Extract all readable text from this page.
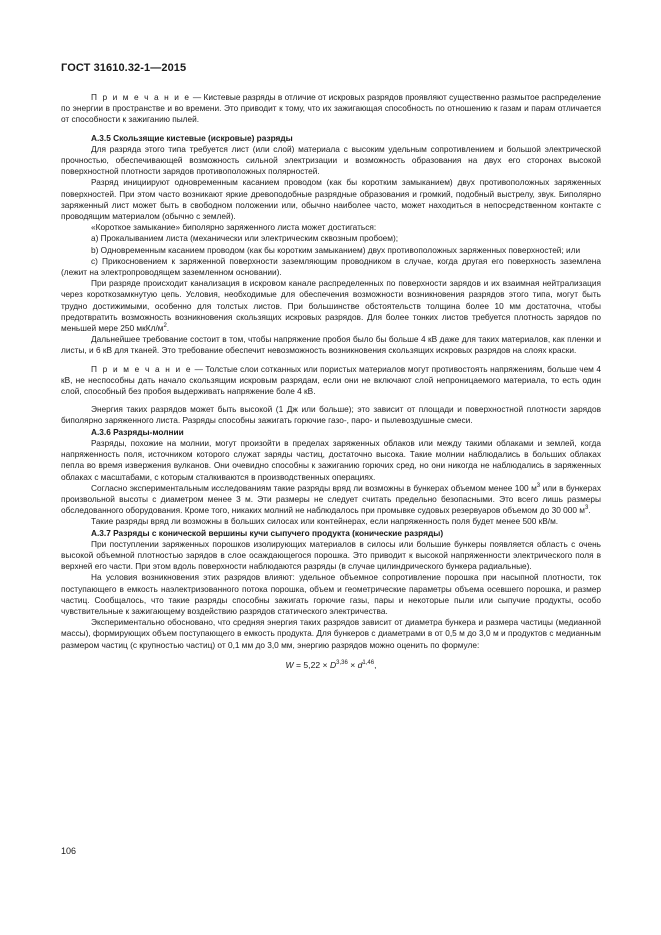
ГОСТ 31610.32-1—2015

П р и м е ч а н и е — Кистевые разряды в отличие от искровых разрядов проявляют существенно размытое распределение по энергии в пространстве и во времени. Это приводит к тому, что их зажигающая способность по отношению к газам и парам отличается от способности к зажиганию пылей.

А.3.5 Скользящие кистевые (искровые) разряды

Для разряда этого типа требуется лист (или слой) материала с высоким удельным сопротивлением и большой электрической прочностью, обеспечивающей возможность сильной электризации и возможность образования на двух его сторонах высокой поверхностной плотности зарядов противоположных полярностей.

Разряд инициируют одновременным касанием проводом (как бы коротким замыканием) двух противоположных заряженных поверхностей. При этом часто возникают яркие древоподобные разрядные образования и громкий, подобный выстрелу, звук. Биполярно заряженный лист может быть в свободном положении или, обычно наиболее часто, может находиться в непосредственном контакте с проводящим материалом (обычно с землей).

«Короткое замыкание» биполярно заряженного листа может достигаться:

a) Прокалыванием листа (механически или электрическим сквозным пробоем);

b) Одновременным касанием проводом (как бы коротким замыканием) двух противоположных заряженных поверхностей; или

c) Прикосновением к заряженной поверхности заземляющим проводником в случае, когда другая его поверхность заземлена (лежит на электропроводящем заземленном основании).

При разряде происходит канализация в искровом канале распределенных по поверхности зарядов и их взаимная нейтрализация через короткозамкнутую цепь. Условия, необходимые для обеспечения возможности возникновения разрядов этого типа, могут быть трудно достижимыми, особенно для толстых листов. При большинстве обстоятельств толщина более 10 мм достаточна, чтобы предотвратить возможность возникновения скользящих искровых разрядов. Для более тонких листов требуется плотность зарядов по меньшей мере 250 мкКл/$м^2$.

Дальнейшее требование состоит в том, чтобы напряжение пробоя было бы больше 4 кВ даже для таких материалов, как пленки и листы, и 6 кВ для тканей. Это требование обеспечит невозможность возникновения скользящих искровых разрядов на слоях краски.

П р и м е ч а н и е — Толстые слои сотканных или пористых материалов могут противостоять напряжениям, больше чем 4 кВ, не неспособны дать начало скользящим искровым разрядам, если они не включают слой непроницаемого материала, то есть один слой, способный без пробоя выдерживать напряжение боле 4 кВ.

Энергия таких разрядов может быть высокой (1 Дж или больше); это зависит от площади и поверхностной плотности зарядов биполярно заряженного листа. Разряды способны зажигать горючие газо-, паро- и пылевоздушные смеси.

А.3.6 Разряды-молнии

Разряды, похожие на молнии, могут произойти в пределах заряженных облаков или между такими облаками и землей, когда напряженность поля, источником которого служат заряды частиц, достаточно высока. Такие молнии наблюдались в больших облаках пепла во время извержения вулканов. Они очевидно способны к зажиганию горючих сред, но они никогда не наблюдались в заряженных облаках с масштабами, с которым сталкиваются в производственных операциях.

Согласно экспериментальным исследованиям такие разряды вряд ли возможны в бункерах объемом менее 100 $м^3$ или в бункерах произвольной высоты с диаметром менее 3 м. Эти размеры не следует считать предельно безопасными. Это всего лишь размеры обследованного оборудования. Кроме того, никаких молний не наблюдалось при промывке судовых резервуаров объемом до 30 000 $м^3$.

Такие разряды вряд ли возможны в больших силосах или контейнерах, если напряженность поля будет менее 500 кВ/м.

А.3.7 Разряды с конической вершины кучи сыпучего продукта (конические разряды)

При поступлении заряженных порошков изолирующих материалов в силосы или большие бункеры появляется область с очень высокой объемной плотностью зарядов в слое осаждающегося порошка. Это приводит к высокой напряженности электрического поля в верхней его части. При этом вдоль поверхности наблюдаются разряды (в случае цилиндрического бункера радиальные).

На условия возникновения этих разрядов влияют: удельное объемное сопротивление порошка при насыпной плотности, ток поступающего в емкость наэлектризованного потока порошка, объем и геометрические параметры объема осевшего порошка, и размер частиц. Сообщалось, что такие разряды способны зажигать горючие газы, пары и некоторые пыли или сыпучие продукты, особо чувствительные к зажигающему воздействию разрядов статического электричества.

Экспериментально обосновано, что средняя энергия таких разрядов зависит от диаметра бункера и размера частицы (медианной массы), формирующих объем поступающего в емкость продукта. Для бункеров с диаметрами в от 0,5 м до 3,0 м и продуктов с медианным размером частиц (с крупностью частиц) от 0,1 мм до 3,0 мм, энергию разрядов можно оценить по формуле:

$W = 5,22 \times D^{3,36} \times d^{1,46}$,
106
